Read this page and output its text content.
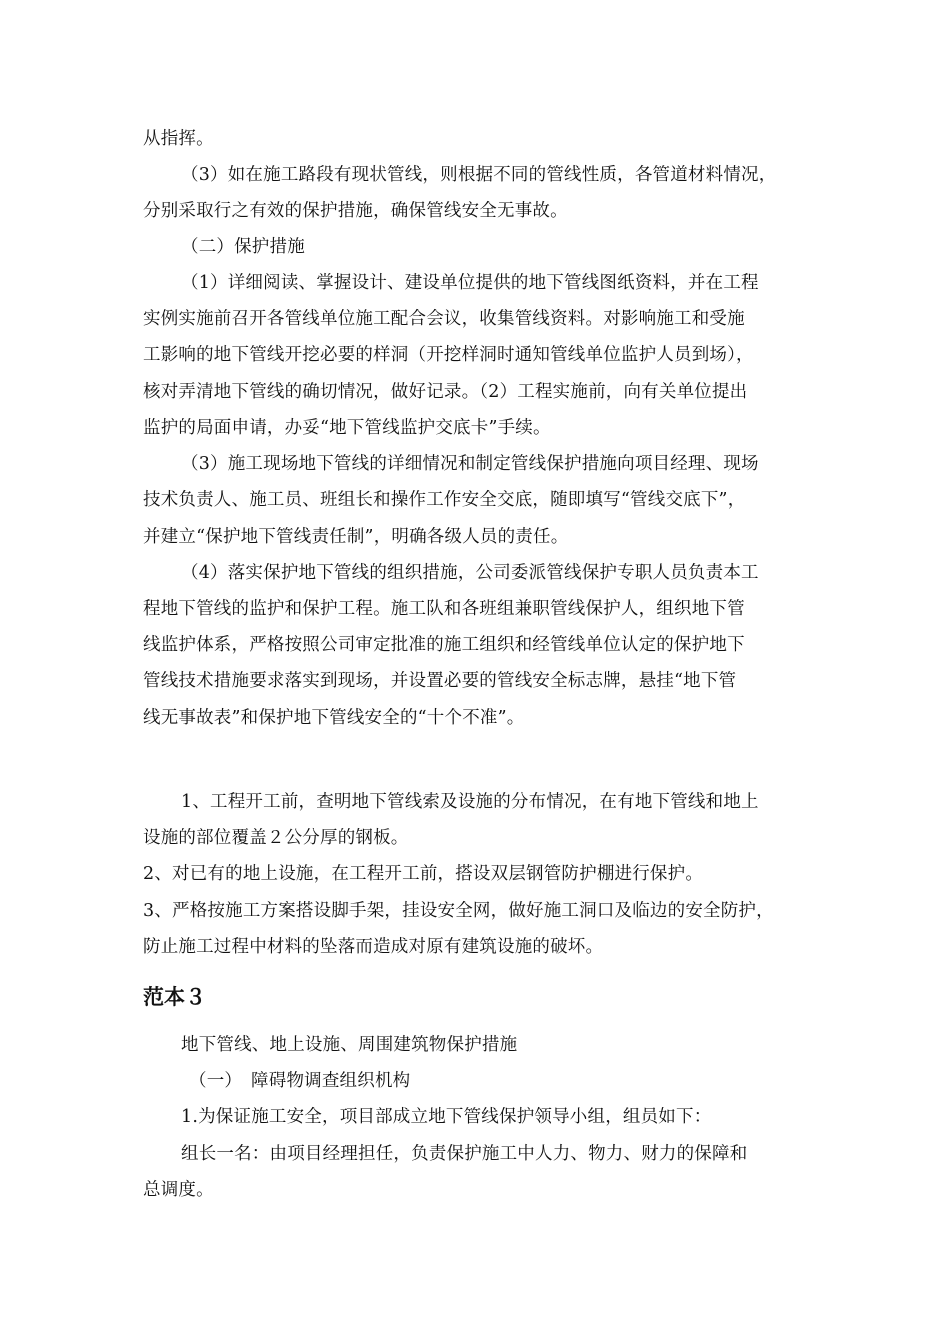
从指挥。
（3）如在施工路段有现状管线，则根据不同的管线性质，各管道材料情况，
分别采取行之有效的保护措施，确保管线安全无事故。
（二）保护措施
（1）详细阅读、掌握设计、建设单位提供的地下管线图纸资料，并在工程
实例实施前召开各管线单位施工配合会议，收集管线资料。对影响施工和受施
工影响的地下管线开挖必要的样洞（开挖样洞时通知管线单位监护人员到场），
核对弄清地下管线的确切情况，做好记录。（2）工程实施前，向有关单位提出
监护的局面申请，办妥“地下管线监护交底卡”手续。
（3）施工现场地下管线的详细情况和制定管线保护措施向项目经理、现场
技术负责人、施工员、班组长和操作工作安全交底，随即填写“管线交底下”，
并建立“保护地下管线责任制”，明确各级人员的责任。
（4）落实保护地下管线的组织措施，公司委派管线保护专职人员负责本工
程地下管线的监护和保护工程。施工队和各班组兼职管线保护人，组织地下管
线监护体系，严格按照公司审定批准的施工组织和经管线单位认定的保护地下
管线技术措施要求落实到现场，并设置必要的管线安全标志牌，悬挂“地下管
线无事故表”和保护地下管线安全的“十个不准”。
1、工程开工前，查明地下管线索及设施的分布情况，在有地下管线和地上
设施的部位覆盖２公分厚的钢板。
2、对已有的地上设施，在工程开工前，搭设双层钢管防护棚进行保护。
3、严格按施工方案搭设脚手架，挂设安全网，做好施工洞口及临边的安全防护，
防止施工过程中材料的坠落而造成对原有建筑设施的破坏。
范本３
地下管线、地上设施、周围建筑物保护措施
（一）　障碍物调查组织机构
1.为保证施工安全，项目部成立地下管线保护领导小组，组员如下：
组长一名：由项目经理担任，负责保护施工中人力、物力、财力的保障和
总调度。
